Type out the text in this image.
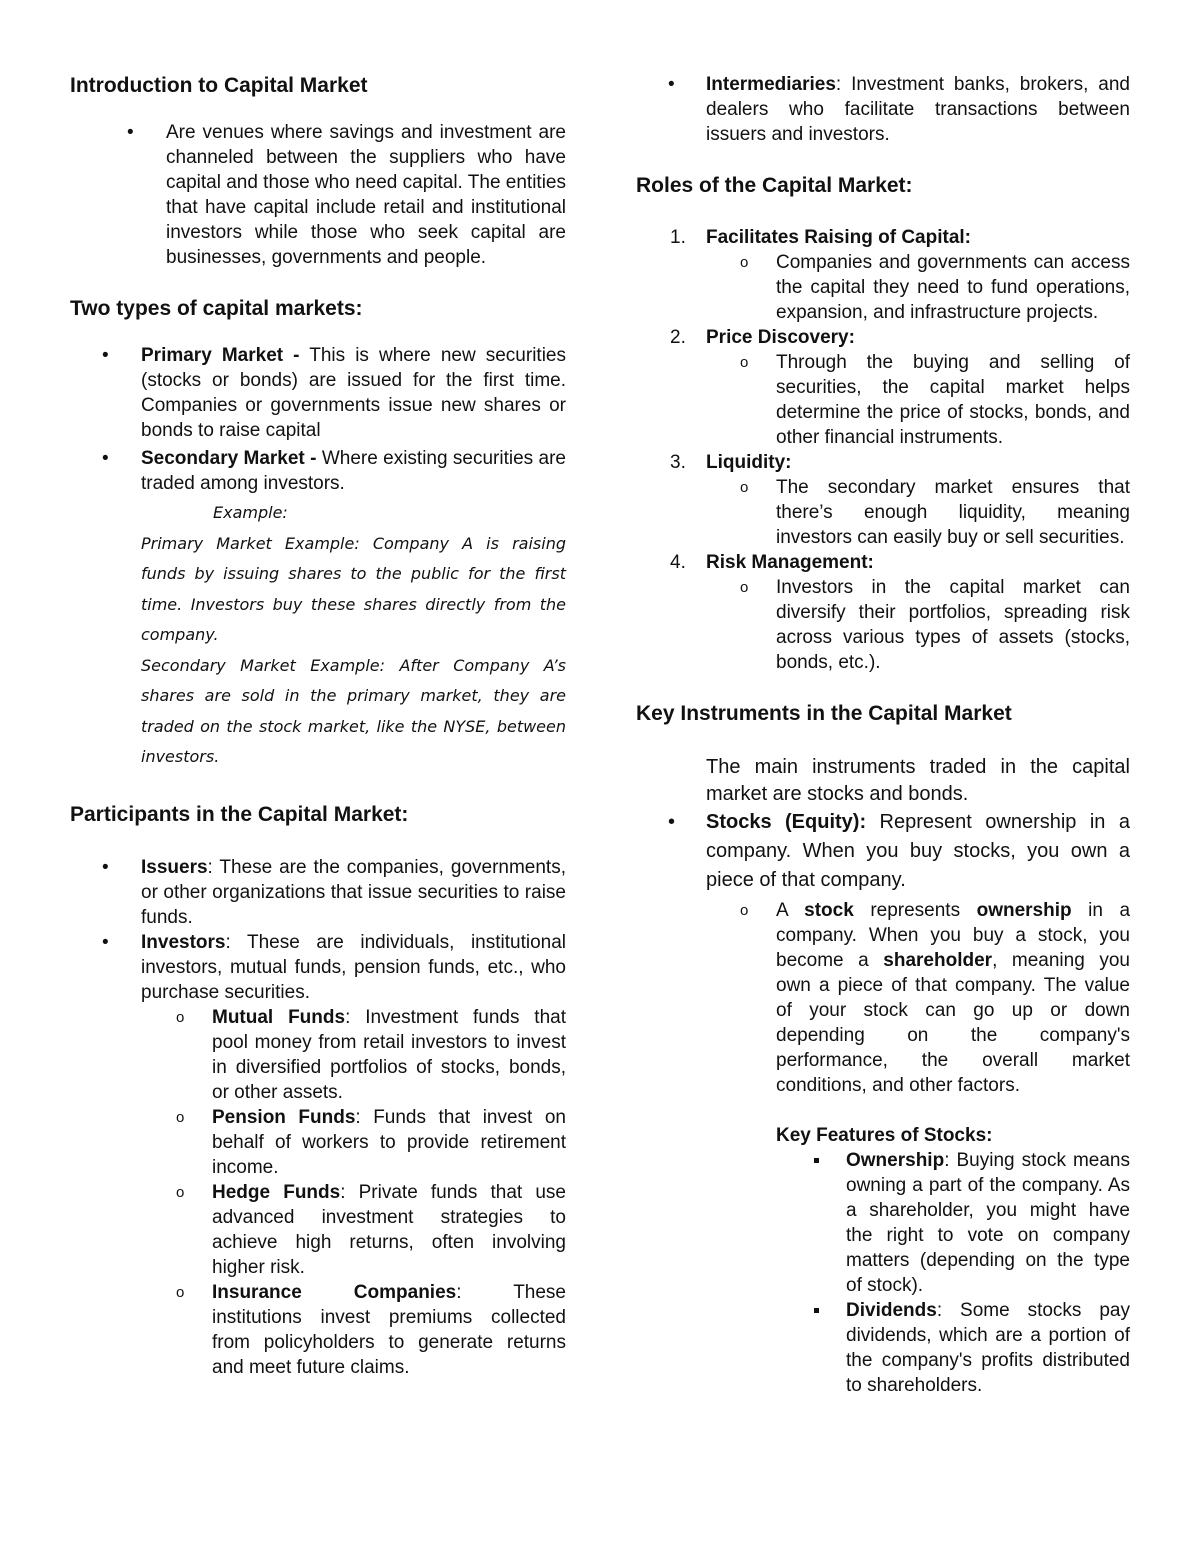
Introduction to Capital Market
• Are venues where savings and investment are channeled between the suppliers who have capital and those who need capital. The entities that have capital include retail and institutional investors while those who seek capital are businesses, governments and people.
Two types of capital markets:
• Primary Market - This is where new securities (stocks or bonds) are issued for the first time. Companies or governments issue new shares or bonds to raise capital
• Secondary Market - Where existing securities are traded among investors.
Example:
Primary Market Example: Company A is raising funds by issuing shares to the public for the first time. Investors buy these shares directly from the company.
Secondary Market Example: After Company A’s shares are sold in the primary market, they are traded on the stock market, like the NYSE, between investors.
Participants in the Capital Market:
• Issuers: These are the companies, governments, or other organizations that issue securities to raise funds.
• Investors: These are individuals, institutional investors, mutual funds, pension funds, etc., who purchase securities.
o Mutual Funds: Investment funds that pool money from retail investors to invest in diversified portfolios of stocks, bonds, or other assets.
o Pension Funds: Funds that invest on behalf of workers to provide retirement income.
o Hedge Funds: Private funds that use advanced investment strategies to achieve high returns, often involving higher risk.
o Insurance Companies: These institutions invest premiums collected from policyholders to generate returns and meet future claims.
• Intermediaries: Investment banks, brokers, and dealers who facilitate transactions between issuers and investors.
Roles of the Capital Market:
1. Facilitates Raising of Capital:
o Companies and governments can access the capital they need to fund operations, expansion, and infrastructure projects.
2. Price Discovery:
o Through the buying and selling of securities, the capital market helps determine the price of stocks, bonds, and other financial instruments.
3. Liquidity:
o The secondary market ensures that there’s enough liquidity, meaning investors can easily buy or sell securities.
4. Risk Management:
o Investors in the capital market can diversify their portfolios, spreading risk across various types of assets (stocks, bonds, etc.).
Key Instruments in the Capital Market
The main instruments traded in the capital market are stocks and bonds.
• Stocks (Equity): Represent ownership in a company. When you buy stocks, you own a piece of that company.
o A stock represents ownership in a company. When you buy a stock, you become a shareholder, meaning you own a piece of that company. The value of your stock can go up or down depending on the company's performance, the overall market conditions, and other factors.
Key Features of Stocks:
Ownership: Buying stock means owning a part of the company. As a shareholder, you might have the right to vote on company matters (depending on the type of stock).
Dividends: Some stocks pay dividends, which are a portion of the company's profits distributed to shareholders.
